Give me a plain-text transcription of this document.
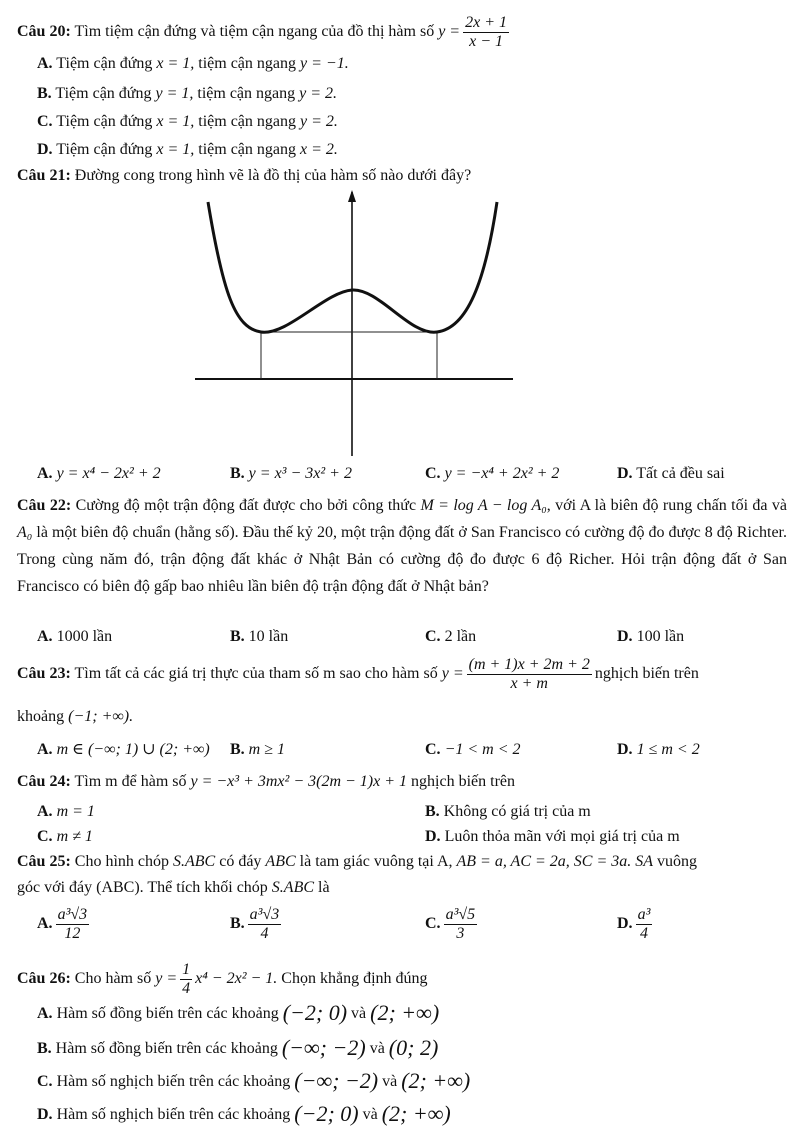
Câu 20: Tìm tiệm cận đứng và tiệm cận ngang của đồ thị hàm số $y = \frac{2x + 1}{x - 1}$
A. Tiệm cận đứng x = 1, tiệm cận ngang y = −1.
B. Tiệm cận đứng y = 1, tiệm cận ngang y = 2.
C. Tiệm cận đứng x = 1, tiệm cận ngang y = 2.
D. Tiệm cận đứng x = 1, tiệm cận ngang x = 2.
Câu 21: Đường cong trong hình vẽ là đồ thị của hàm số nào dưới đây?
A. y = x⁴ − 2x² + 2	B. y = x³ − 3x² + 2	C. y = −x⁴ + 2x² + 2	D. Tất cả đều sai
Câu 22: Cường độ một trận động đất được cho bởi công thức M = log A − log A₀, với A là biên độ rung chấn tối đa và A₀ là một biên độ chuẩn (hằng số). Đầu thế kỷ 20, một trận động đất ở San Francisco có cường độ đo được 8 độ Richter. Trong cùng năm đó, trận động đất khác ở Nhật Bản có cường độ đo được 6 độ Richer. Hỏi trận động đất ở San Francisco có biên độ gấp bao nhiêu lần biên độ trận động đất ở Nhật bản?
A. 1000 lần	B. 10 lần	C. 2 lần	D. 100 lần
Câu 23: Tìm tất cả các giá trị thực của tham số m sao cho hàm số $y = \frac{(m + 1)x + 2m + 2}{x + m}$ nghịch biến trên
khoảng (−1; +∞).
A. m ∈ (−∞; 1) ∪ (2; +∞) B. m ≥ 1	C. −1 < m < 2	D. 1 ≤ m < 2
Câu 24: Tìm m để hàm số y = −x³ + 3mx² − 3(2m − 1)x + 1 nghịch biến trên
A. m = 1	B. Không có giá trị của m
C. m ≠ 1	D. Luôn thỏa mãn với mọi giá trị của m
Câu 25: Cho hình chóp S.ABC có đáy ABC là tam giác vuông tại A, AB = a, AC = 2a, SC = 3a. SA vuông
góc với đáy (ABC). Thể tích khối chóp S.ABC là
A. $\frac{\text{a³√3}}{12}$	B. $\frac{\text{a³√3}}{4}$	C. $\frac{\text{a³√5}}{3}$	D. $\frac{\text{a³}}{4}$
Câu 26: Cho hàm số $y = \frac{1}{4} x^4 - 2x^2 - 1$. Chọn khẳng định đúng
A. Hàm số đồng biến trên các khoảng (−2; 0) và (2; +∞)
B. Hàm số đồng biến trên các khoảng (−∞; −2) và (0; 2)
C. Hàm số nghịch biến trên các khoảng (−∞; −2) và (2; +∞)
D. Hàm số nghịch biến trên các khoảng (−2; 0) và (2; +∞)
